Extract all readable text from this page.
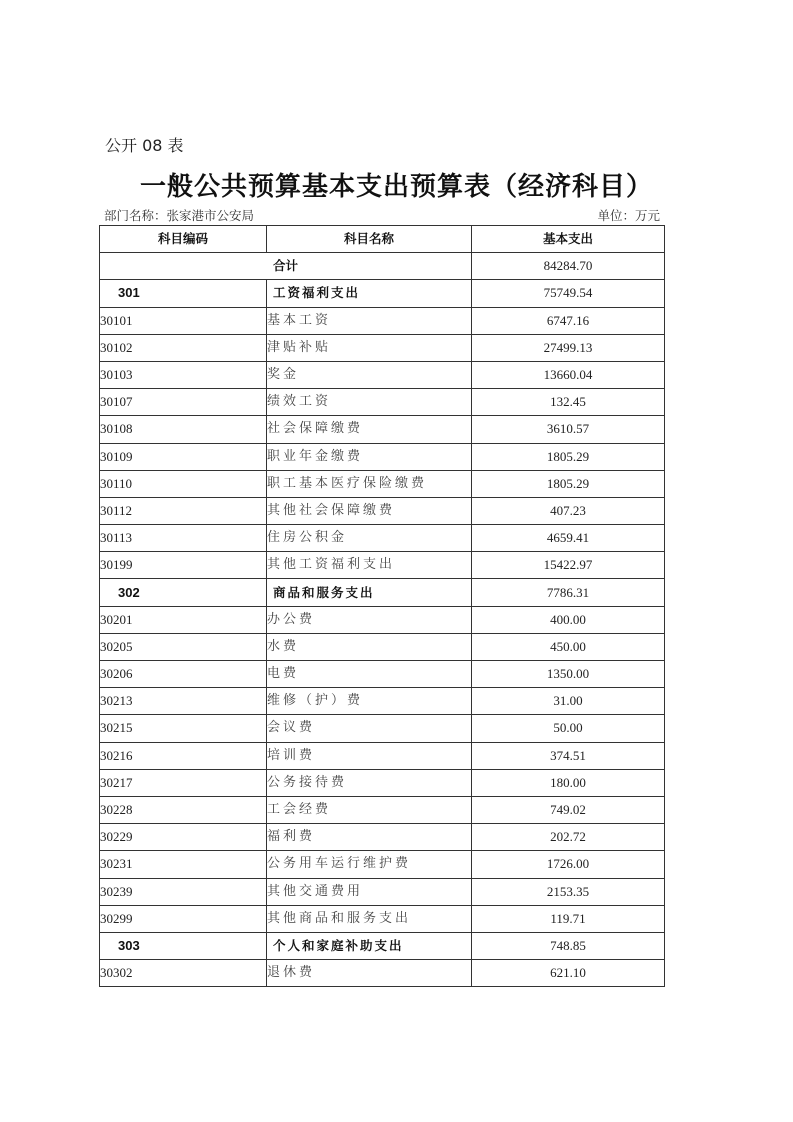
公开 08 表
一般公共预算基本支出预算表（经济科目）
部门名称：张家港市公安局	单位：万元
科目编码	科目名称	基本支出
合计		84284.70
301	工资福利支出	75749.54
30101	基本工资	6747.16
30102	津贴补贴	27499.13
30103	奖金	13660.04
30107	绩效工资	132.45
30108	社会保障缴费	3610.57
30109	职业年金缴费	1805.29
30110	职工基本医疗保险缴费	1805.29
30112	其他社会保障缴费	407.23
30113	住房公积金	4659.41
30199	其他工资福利支出	15422.97
302	商品和服务支出	7786.31
30201	办公费	400.00
30205	水费	450.00
30206	电费	1350.00
30213	维修（护）费	31.00
30215	会议费	50.00
30216	培训费	374.51
30217	公务接待费	180.00
30228	工会经费	749.02
30229	福利费	202.72
30231	公务用车运行维护费	1726.00
30239	其他交通费用	2153.35
30299	其他商品和服务支出	119.71
303	个人和家庭补助支出	748.85
30302	退休费	621.10
